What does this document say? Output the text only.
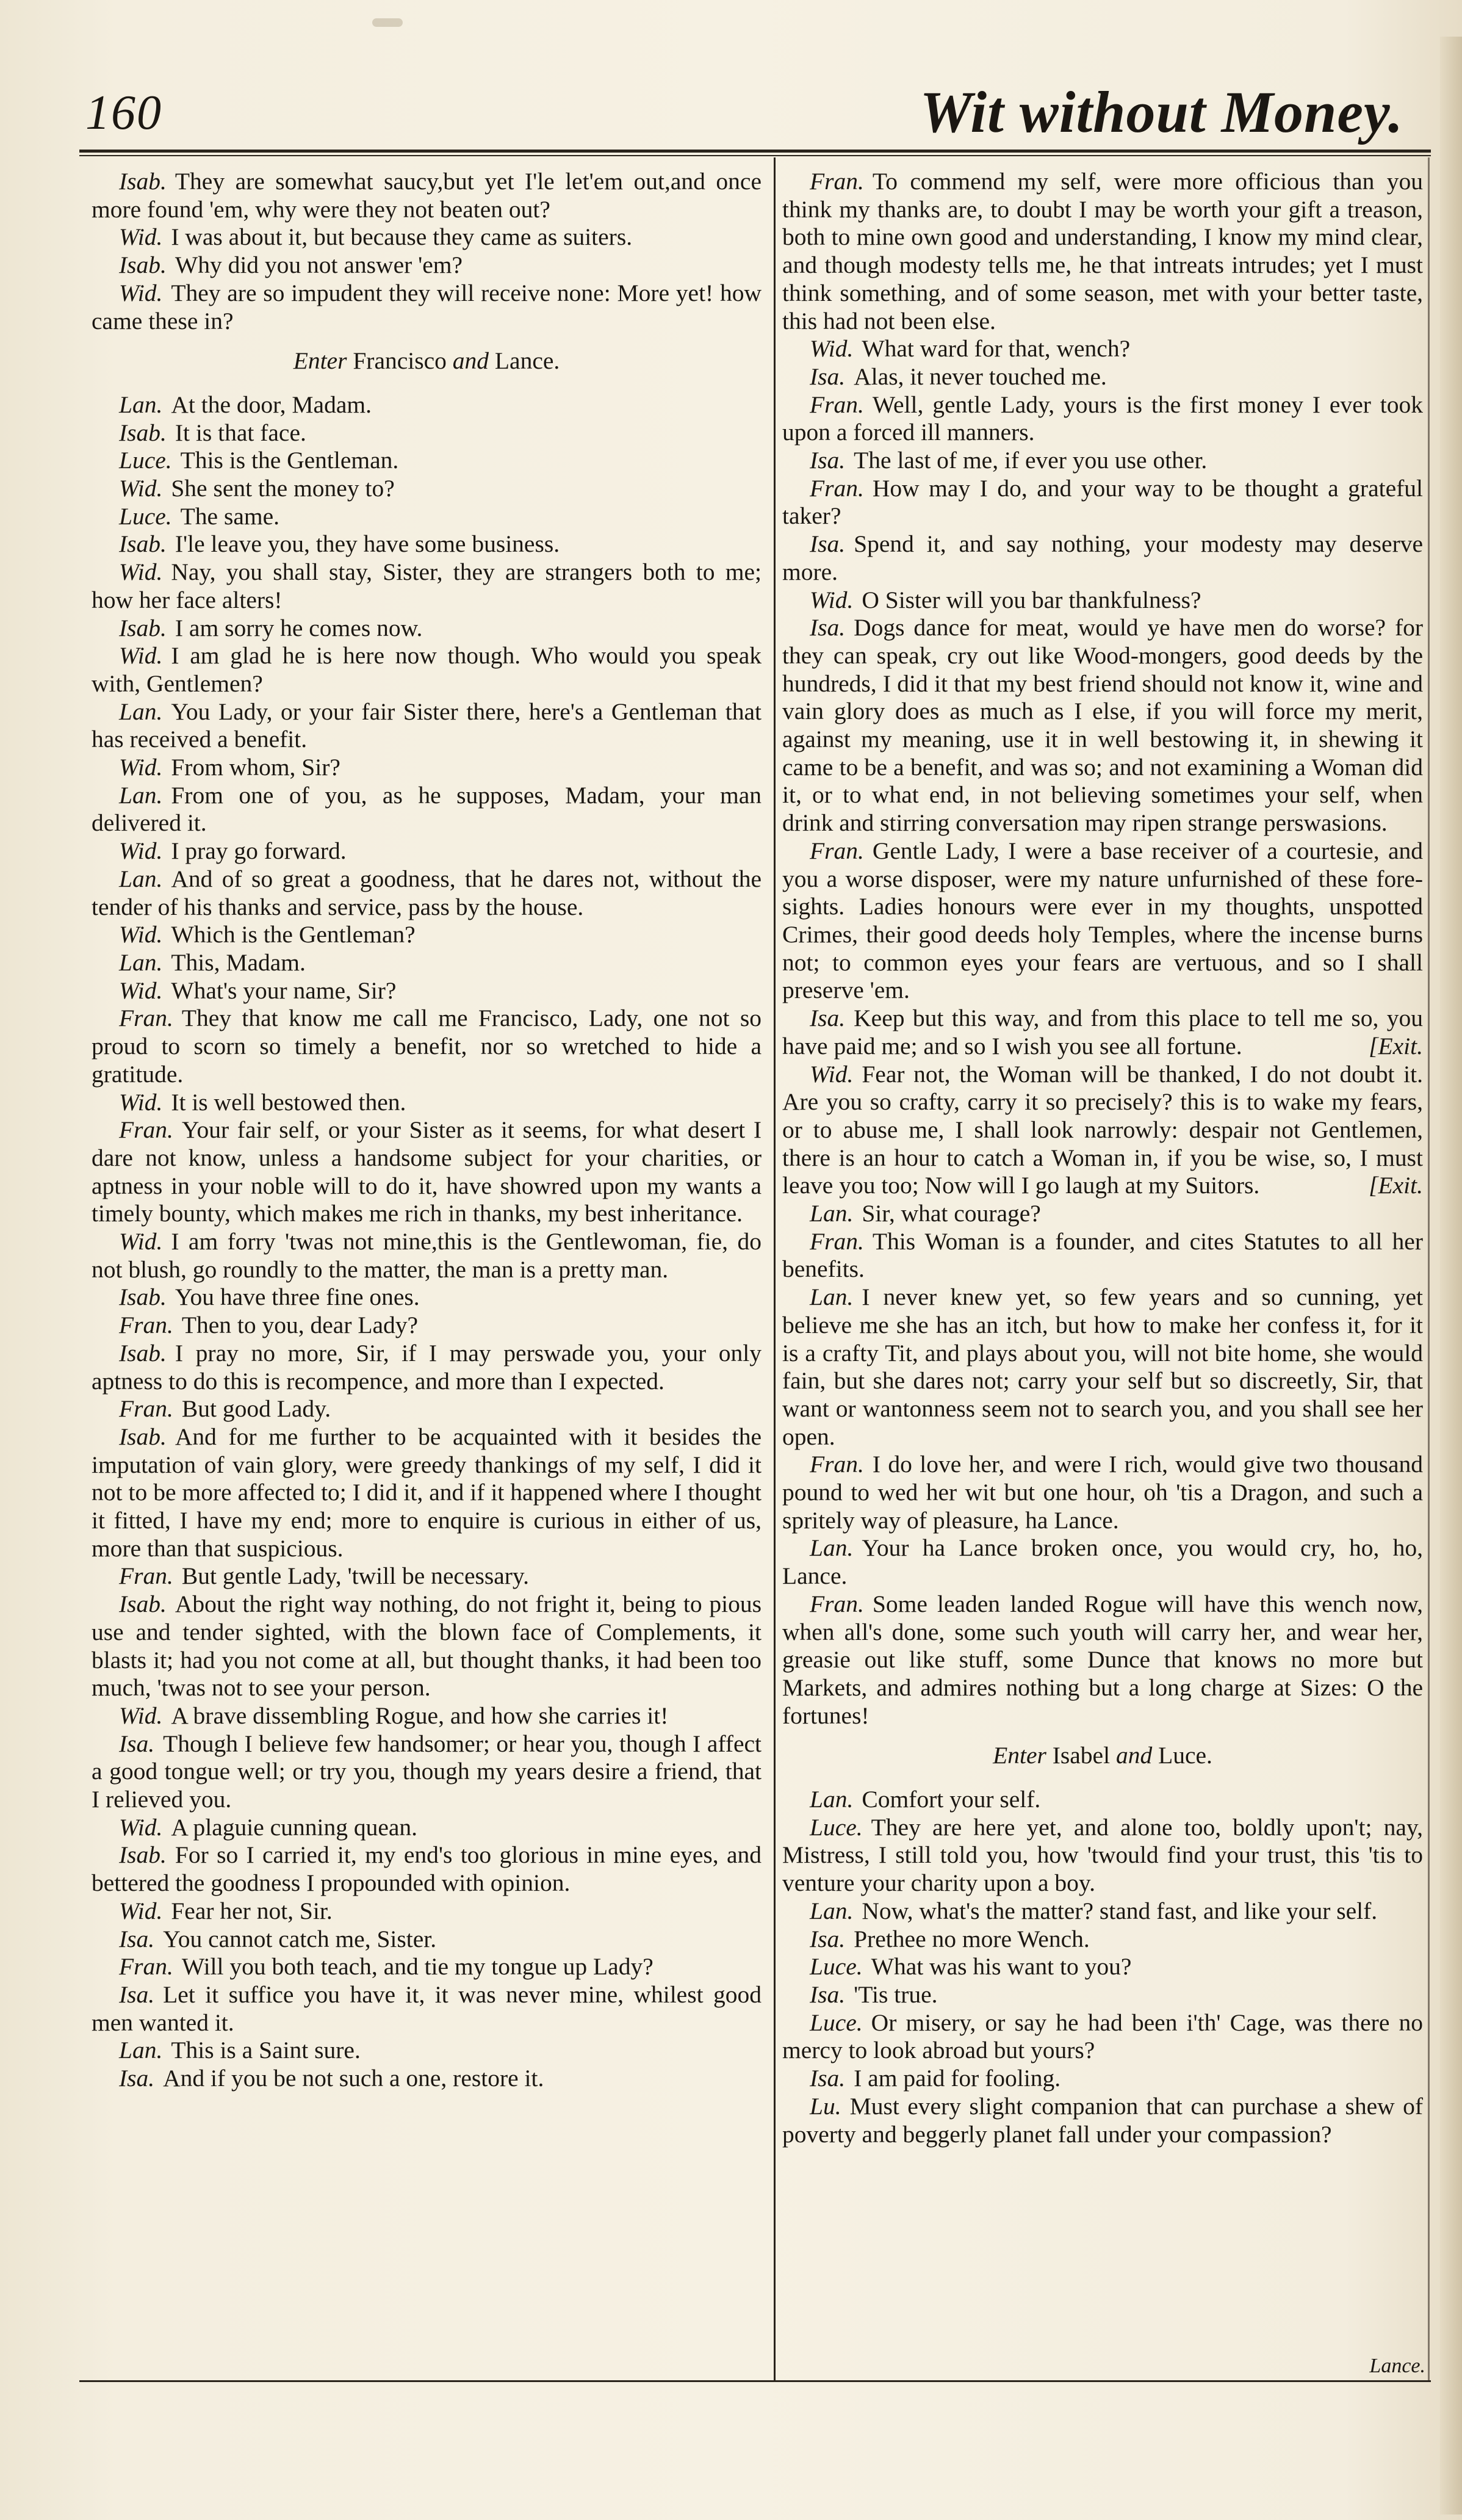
160	Wit without Money.

Isab. They are somewhat saucy,but yet I'le let'em out,and once more found 'em, why were they not beaten out?

Wid. I was about it, but because they came as suiters.

Isab. Why did you not answer 'em?

Wid. They are so impudent they will receive none: More yet! how came these in?

Enter Francisco and Lance.

Lan. At the door, Madam.

Isab. It is that face.

Luce. This is the Gentleman.

Wid. She sent the money to?

Luce. The same.

Isab. I'le leave you, they have some business.

Wid. Nay, you shall stay, Sister, they are strangers both to me; how her face alters!

Isab. I am sorry he comes now.

Wid. I am glad he is here now though. Who would you speak with, Gentlemen?

Lan. You Lady, or your fair Sister there, here's a Gentleman that has received a benefit.

Wid. From whom, Sir?

Lan. From one of you, as he supposes, Madam, your man delivered it.

Wid. I pray go forward.

Lan. And of so great a goodness, that he dares not, without the tender of his thanks and service, pass by the house.

Wid. Which is the Gentleman?

Lan. This, Madam.

Wid. What's your name, Sir?

Fran. They that know me call me Francisco, Lady, one not so proud to scorn so timely a benefit, nor so wretched to hide a gratitude.

Wid. It is well bestowed then.

Fran. Your fair self, or your Sister as it seems, for what desert I dare not know, unless a handsome subject for your charities, or aptness in your noble will to do it, have showred upon my wants a timely bounty, which makes me rich in thanks, my best inheritance.

Wid. I am forry 'twas not mine,this is the Gentlewoman, fie, do not blush, go roundly to the matter, the man is a pretty man.

Isab. You have three fine ones.

Fran. Then to you, dear Lady?

Isab. I pray no more, Sir, if I may perswade you, your only aptness to do this is recompence, and more than I expected.

Fran. But good Lady.

Isab. And for me further to be acquainted with it besides the imputation of vain glory, were greedy thankings of my self, I did it not to be more affected to; I did it, and if it happened where I thought it fitted, I have my end; more to enquire is curious in either of us, more than that suspicious.

Fran. But gentle Lady, 'twill be necessary.

Isab. About the right way nothing, do not fright it, being to pious use and tender sighted, with the blown face of Complements, it blasts it; had you not come at all, but thought thanks, it had been too much, 'twas not to see your person.

Wid. A brave dissembling Rogue, and how she carries it!

Isa. Though I believe few handsomer; or hear you, though I affect a good tongue well; or try you, though my years desire a friend, that I relieved you.

Wid. A plaguie cunning quean.

Isab. For so I carried it, my end's too glorious in mine eyes, and bettered the goodness I propounded with opinion.

Wid. Fear her not, Sir.

Isa. You cannot catch me, Sister.

Fran. Will you both teach, and tie my tongue up Lady?

Isa. Let it suffice you have it, it was never mine, whilest good men wanted it.

Lan. This is a Saint sure.

Isa. And if you be not such a one, restore it.

Fran. To commend my self, were more officious than you think my thanks are, to doubt I may be worth your gift a treason, both to mine own good and understanding, I know my mind clear, and though modesty tells me, he that intreats intrudes; yet I must think something, and of some season, met with your better taste, this had not been else.

Wid. What ward for that, wench?

Isa. Alas, it never touched me.

Fran. Well, gentle Lady, yours is the first money I ever took upon a forced ill manners.

Isa. The last of me, if ever you use other.

Fran. How may I do, and your way to be thought a grateful taker?

Isa. Spend it, and say nothing, your modesty may deserve more.

Wid. O Sister will you bar thankfulness?

Isa. Dogs dance for meat, would ye have men do worse? for they can speak, cry out like Wood-mongers, good deeds by the hundreds, I did it that my best friend should not know it, wine and vain glory does as much as I else, if you will force my merit, against my meaning, use it in well bestowing it, in shewing it came to be a benefit, and was so; and not examining a Woman did it, or to what end, in not believing sometimes your self, when drink and stirring conversation may ripen strange perswasions.

Fran. Gentle Lady, I were a base receiver of a courtesie, and you a worse disposer, were my nature unfurnished of these fore-sights. Ladies honours were ever in my thoughts, unspotted Crimes, their good deeds holy Temples, where the incense burns not; to common eyes your fears are vertuous, and so I shall preserve 'em.

Isa. Keep but this way, and from this place to tell me so, you have paid me; and so I wish you see all fortune.	[Exit.

Wid. Fear not, the Woman will be thanked, I do not doubt it. Are you so crafty, carry it so precisely? this is to wake my fears, or to abuse me, I shall look narrowly: despair not Gentlemen, there is an hour to catch a Woman in, if you be wise, so, I must leave you too; Now will I go laugh at my Suitors.	[Exit.

Lan. Sir, what courage?

Fran. This Woman is a founder, and cites Statutes to all her benefits.

Lan. I never knew yet, so few years and so cunning, yet believe me she has an itch, but how to make her confess it, for it is a crafty Tit, and plays about you, will not bite home, she would fain, but she dares not; carry your self but so discreetly, Sir, that want or wantonness seem not to search you, and you shall see her open.

Fran. I do love her, and were I rich, would give two thousand pound to wed her wit but one hour, oh 'tis a Dragon, and such a spritely way of pleasure, ha Lance.

Lan. Your ha Lance broken once, you would cry, ho, ho, Lance.

Fran. Some leaden landed Rogue will have this wench now, when all's done, some such youth will carry her, and wear her, greasie out like stuff, some Dunce that knows no more but Markets, and admires nothing but a long charge at Sizes: O the fortunes!

Enter Isabel and Luce.

Lan. Comfort your self.

Luce. They are here yet, and alone too, boldly upon't; nay, Mistress, I still told you, how 'twould find your trust, this 'tis to venture your charity upon a boy.

Lan. Now, what's the matter? stand fast, and like your self.

Isa. Prethee no more Wench.

Luce. What was his want to you?

Isa. 'Tis true.

Luce. Or misery, or say he had been i'th' Cage, was there no mercy to look abroad but yours?

Isa. I am paid for fooling.

Lu. Must every slight companion that can purchase a shew of poverty and beggerly planet fall under your compassion?

Lance.
